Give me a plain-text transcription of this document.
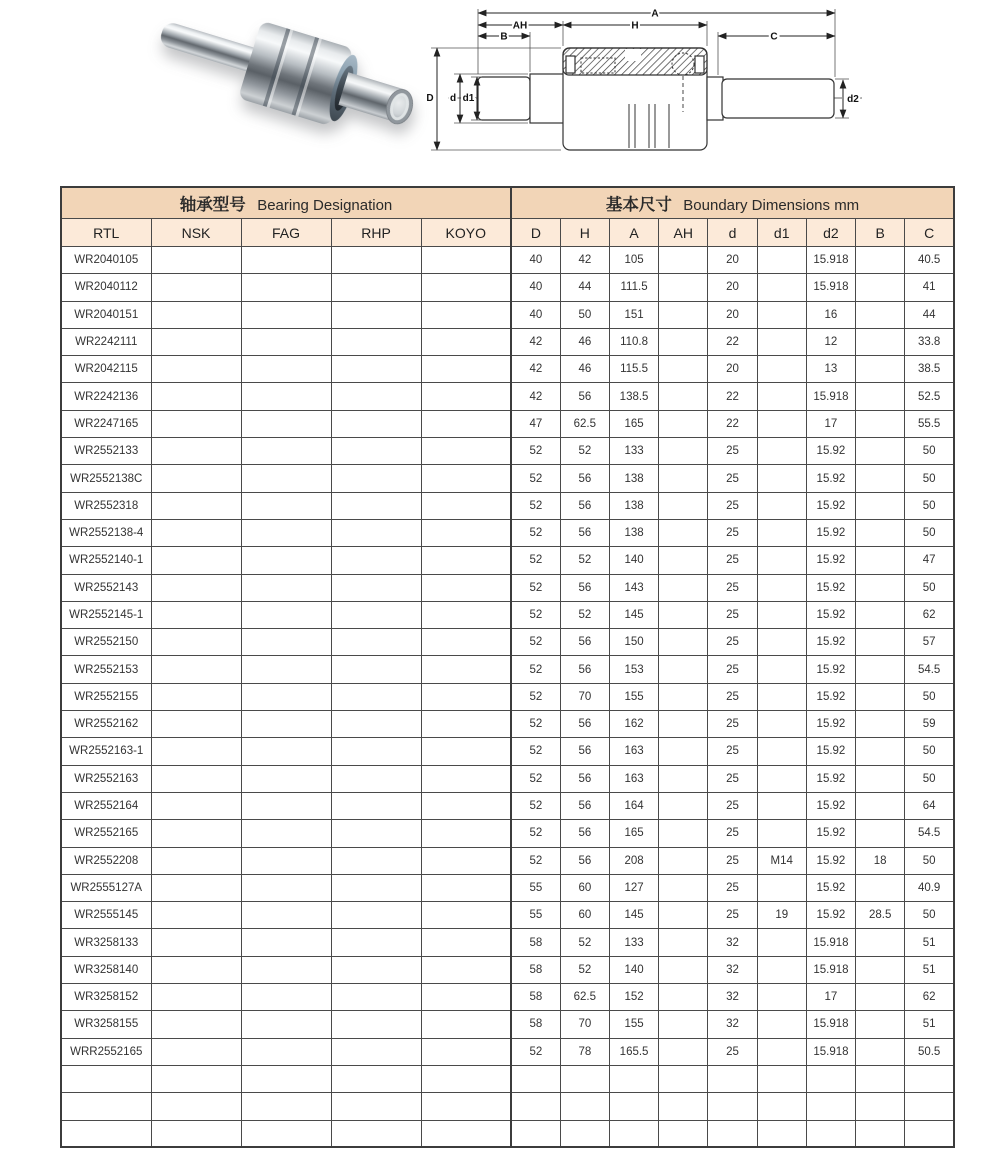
A
AH	H
B	C
D d d1	d2
轴承型号 Bearing Designation					基本尺寸 Boundary Dimensions mm								
RTL	NSK	FAG	RHP	KOYO	D	H	A	AH	d	d1	d2	B	C
WR2040105					40	42	105		20		15.918		40.5
WR2040112					40	44	111.5		20		15.918		41
WR2040151					40	50	151		20		16		44
WR2242111					42	46	110.8		22		12		33.8
WR2042115					42	46	115.5		20		13		38.5
WR2242136					42	56	138.5		22		15.918		52.5
WR2247165					47	62.5	165		22		17		55.5
WR2552133					52	52	133		25		15.92		50
WR2552138C					52	56	138		25		15.92		50
WR2552318					52	56	138		25		15.92		50
WR2552138-4					52	56	138		25		15.92		50
WR2552140-1					52	52	140		25		15.92		47
WR2552143					52	56	143		25		15.92		50
WR2552145-1					52	52	145		25		15.92		62
WR2552150					52	56	150		25		15.92		57
WR2552153					52	56	153		25		15.92		54.5
WR2552155					52	70	155		25		15.92		50
WR2552162					52	56	162		25		15.92		59
WR2552163-1					52	56	163		25		15.92		50
WR2552163					52	56	163		25		15.92		50
WR2552164					52	56	164		25		15.92		64
WR2552165					52	56	165		25		15.92		54.5
WR2552208					52	56	208		25	M14	15.92	18	50
WR2555127A					55	60	127		25		15.92		40.9
WR2555145					55	60	145		25	19	15.92	28.5	50
WR3258133					58	52	133		32		15.918		51
WR3258140					58	52	140		32		15.918		51
WR3258152					58	62.5	152		32		17		62
WR3258155					58	70	155		32		15.918		51
WRR2552165					52	78	165.5		25		15.918		50.5
